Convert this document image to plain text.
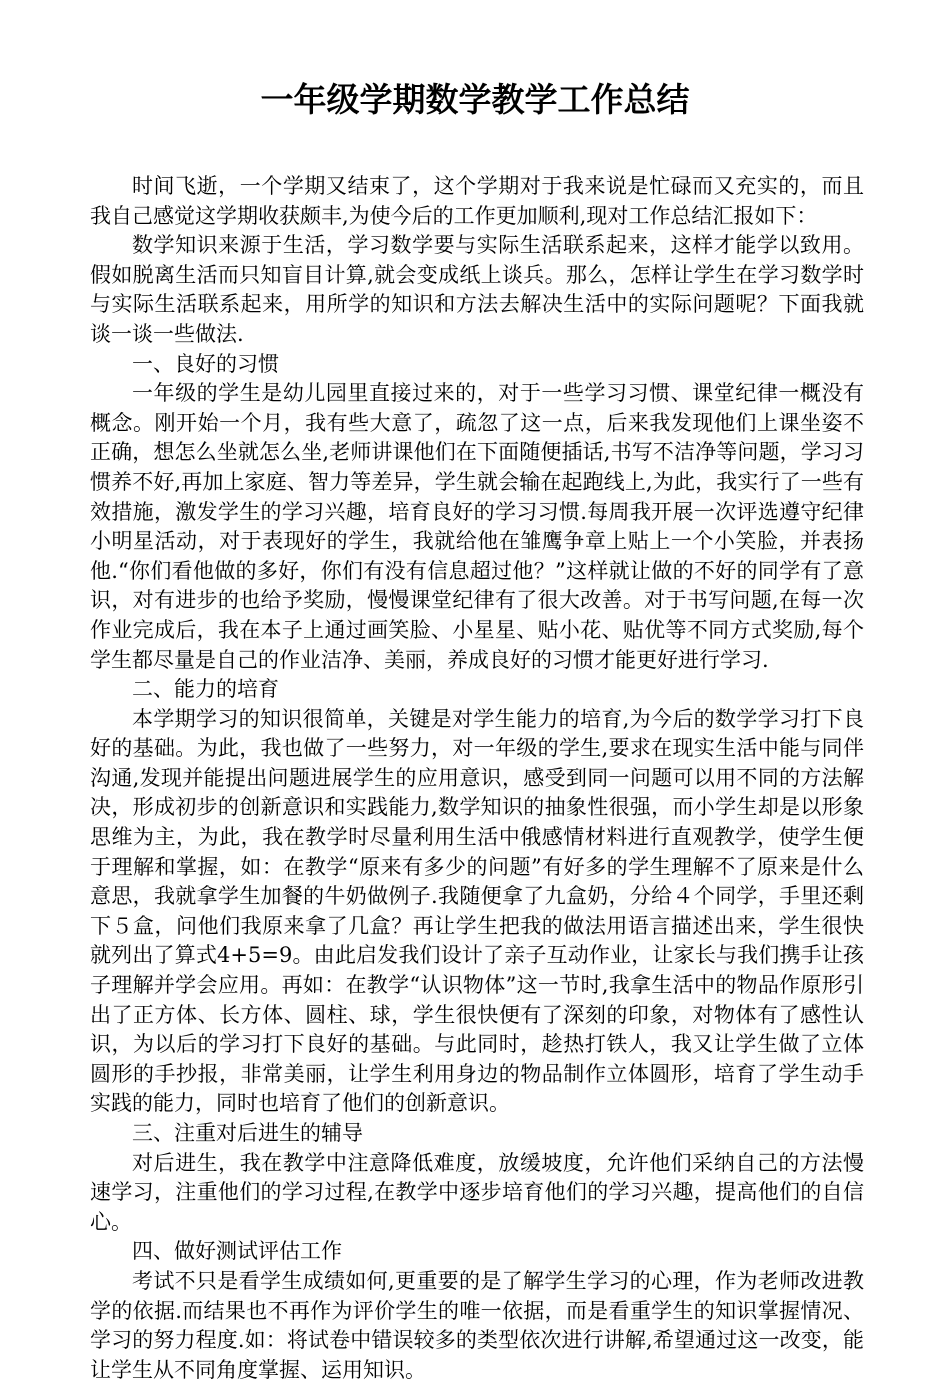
一年级学期数学教学工作总结

时间飞逝，一个学期又结束了，这个学期对于我来说是忙碌而又充实的，而且我自己感觉这学期收获颇丰,为使今后的工作更加顺利,现对工作总结汇报如下：

数学知识来源于生活，学习数学要与实际生活联系起来，这样才能学以致用。假如脱离生活而只知盲目计算,就会变成纸上谈兵。那么，怎样让学生在学习数学时与实际生活联系起来，用所学的知识和方法去解决生活中的实际问题呢？下面我就谈一谈一些做法.

一、良好的习惯

一年级的学生是幼儿园里直接过来的，对于一些学习习惯、课堂纪律一概没有概念。刚开始一个月，我有些大意了，疏忽了这一点，后来我发现他们上课坐姿不正确，想怎么坐就怎么坐,老师讲课他们在下面随便插话,书写不洁净等问题，学习习惯养不好,再加上家庭、智力等差异，学生就会输在起跑线上,为此，我实行了一些有效措施，激发学生的学习兴趣，培育良好的学习习惯.每周我开展一次评选遵守纪律小明星活动，对于表现好的学生，我就给他在雏鹰争章上贴上一个小笑脸，并表扬他.“你们看他做的多好，你们有没有信息超过他？”这样就让做的不好的同学有了意识，对有进步的也给予奖励，慢慢课堂纪律有了很大改善。对于书写问题,在每一次作业完成后，我在本子上通过画笑脸、小星星、贴小花、贴优等不同方式奖励,每个学生都尽量是自己的作业洁净、美丽，养成良好的习惯才能更好进行学习.

二、能力的培育

本学期学习的知识很简单，关键是对学生能力的培育,为今后的数学学习打下良好的基础。为此，我也做了一些努力，对一年级的学生,要求在现实生活中能与同伴沟通,发现并能提出问题进展学生的应用意识，感受到同一问题可以用不同的方法解决，形成初步的创新意识和实践能力,数学知识的抽象性很强，而小学生却是以形象思维为主，为此，我在教学时尽量利用生活中俄感情材料进行直观教学，使学生便于理解和掌握，如：在教学“原来有多少的问题”有好多的学生理解不了原来是什么意思，我就拿学生加餐的牛奶做例子.我随便拿了九盒奶，分给４个同学，手里还剩下５盒，问他们我原来拿了几盒？再让学生把我的做法用语言描述出来，学生很快就列出了算式4+5=9。由此启发我们设计了亲子互动作业，让家长与我们携手让孩子理解并学会应用。再如：在教学“认识物体”这一节时,我拿生活中的物品作原形引出了正方体、长方体、圆柱、球，学生很快便有了深刻的印象，对物体有了感性认识，为以后的学习打下良好的基础。与此同时，趁热打铁人，我又让学生做了立体圆形的手抄报，非常美丽，让学生利用身边的物品制作立体圆形，培育了学生动手实践的能力，同时也培育了他们的创新意识。

三、注重对后进生的辅导

对后进生，我在教学中注意降低难度，放缓坡度，允许他们采纳自己的方法慢速学习，注重他们的学习过程,在教学中逐步培育他们的学习兴趣，提高他们的自信心。

四、做好测试评估工作

考试不只是看学生成绩如何,更重要的是了解学生学习的心理，作为老师改进教学的依据.而结果也不再作为评价学生的唯一依据，而是看重学生的知识掌握情况、学习的努力程度.如：将试卷中错误较多的类型依次进行讲解,希望通过这一改变，能让学生从不同角度掌握、运用知识。
